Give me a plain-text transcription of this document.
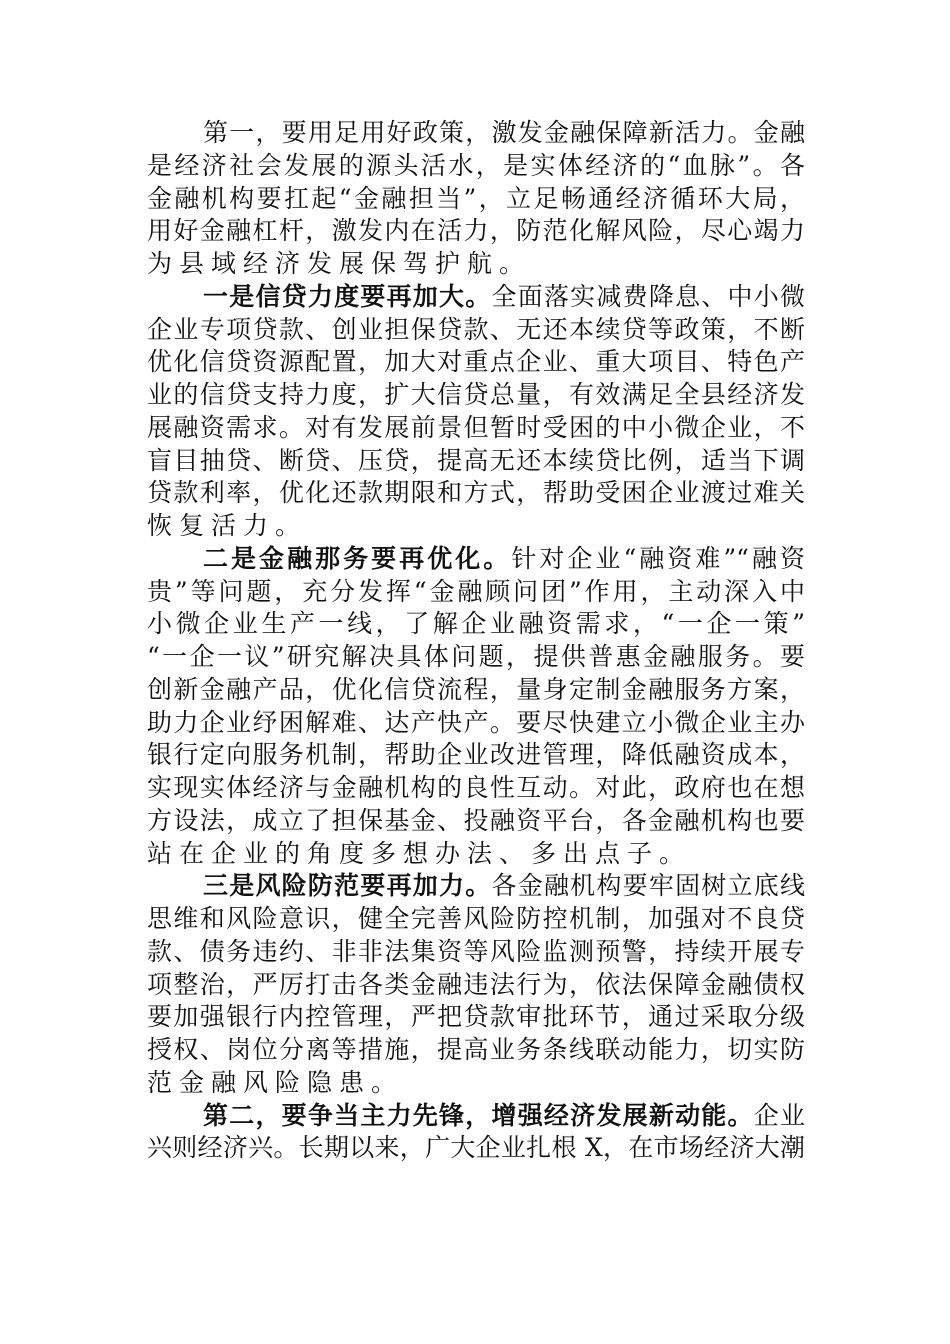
第一，要用足用好政策，激发金融保障新活力。金融
是经济社会发展的源头活水，是实体经济的“血脉”。各
金融机构要扛起“金融担当”，立足畅通经济循环大局，
用好金融杠杆，激发内在活力，防范化解风险，尽心竭力
为县域经济发展保驾护航。
一是信贷力度要再加大。全面落实减费降息、中小微
企业专项贷款、创业担保贷款、无还本续贷等政策，不断
优化信贷资源配置，加大对重点企业、重大项目、特色产
业的信贷支持力度，扩大信贷总量，有效满足全县经济发
展融资需求。对有发展前景但暂时受困的中小微企业，不
盲目抽贷、断贷、压贷，提高无还本续贷比例，适当下调
贷款利率，优化还款期限和方式，帮助受困企业渡过难关
恢复活力。
二是金融那务要再优化。针对企业“融资难”“融资
贵”等问题，充分发挥“金融顾问团”作用，主动深入中
小微企业生产一线，了解企业融资需求，“一企一策”
“一企一议”研究解决具体问题，提供普惠金融服务。要
创新金融产品，优化信贷流程，量身定制金融服务方案，
助力企业纾困解难、达产快产。要尽快建立小微企业主办
银行定向服务机制，帮助企业改进管理，降低融资成本，
实现实体经济与金融机构的良性互动。对此，政府也在想
方设法，成立了担保基金、投融资平台，各金融机构也要
站在企业的角度多想办法、多出点子。
三是风险防范要再加力。各金融机构要牢固树立底线
思维和风险意识，健全完善风险防控机制，加强对不良贷
款、债务违约、非非法集资等风险监测预警，持续开展专
项整治，严厉打击各类金融违法行为，依法保障金融债权
要加强银行内控管理，严把贷款审批环节，通过采取分级
授权、岗位分离等措施，提高业务条线联动能力，切实防
范金融风险隐患。
第二，要争当主力先锋，增强经济发展新动能。企业
兴则经济兴。长期以来，广大企业扎根 X，在市场经济大潮
